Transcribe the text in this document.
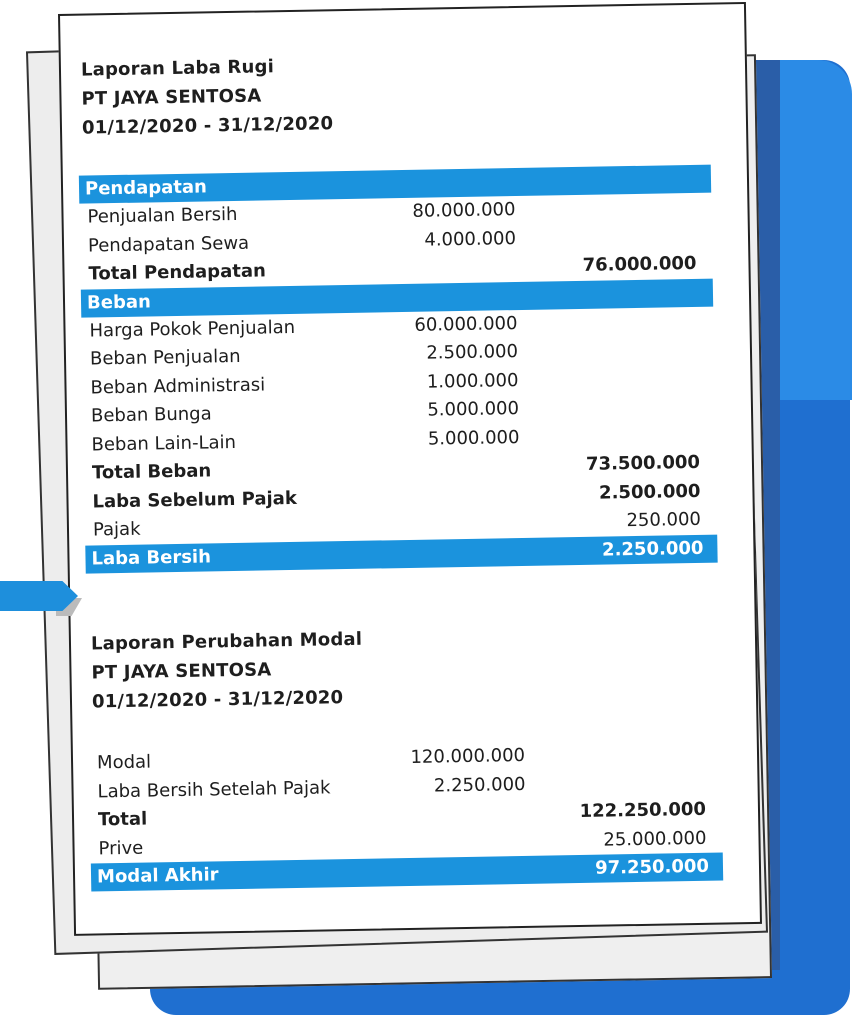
Laporan Laba Rugi
PT JAYA SENTOSA
01/12/2020 - 31/12/2020
Pendapatan
Penjualan Bersih	80.000.000
Pendapatan Sewa	4.000.000
Total Pendapatan	76.000.000
Beban
Harga Pokok Penjualan	60.000.000
Beban Penjualan	2.500.000
Beban Administrasi	1.000.000
Beban Bunga	5.000.000
Beban Lain-Lain	5.000.000
Total Beban	73.500.000
Laba Sebelum Pajak	2.500.000
Pajak	250.000
Laba Bersih	2.250.000
Laporan Perubahan Modal
PT JAYA SENTOSA
01/12/2020 - 31/12/2020
Modal	120.000.000
Laba Bersih Setelah Pajak	2.250.000
Total	122.250.000
Prive	25.000.000
Modal Akhir	97.250.000
